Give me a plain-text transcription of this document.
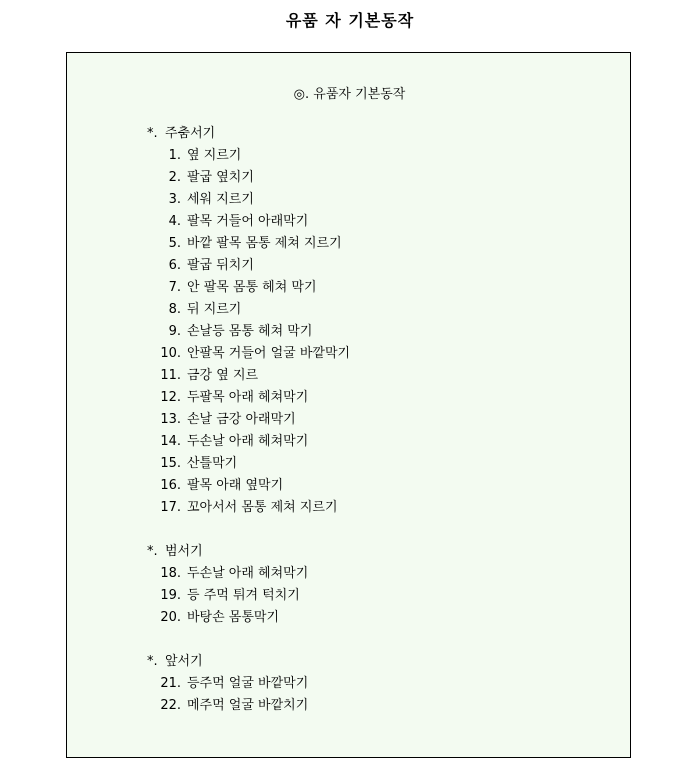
유품 자 기본동작
◎. 유품자 기본동작
*. 주춤서기
1. 옆 지르기
2. 팔굽 옆치기
3. 세워 지르기
4. 팔목 거들어 아래막기
5. 바깥 팔목 몸통 제쳐 지르기
6. 팔굽 뒤치기
7. 안 팔목 몸통 헤쳐 막기
8. 뒤 지르기
9. 손날등 몸통 헤쳐 막기
10. 안팔목 거들어 얼굴 바깥막기
11. 금강 옆 지르
12. 두팔목 아래 헤쳐막기
13. 손날 금강 아래막기
14. 두손날 아래 헤쳐막기
15. 산틀막기
16. 팔목 아래 옆막기
17. 꼬아서서 몸통 제쳐 지르기
*. 범서기
18. 두손날 아래 헤쳐막기
19. 등 주먹 튀겨 턱치기
20. 바탕손 몸통막기
*. 앞서기
21. 등주먹 얼굴 바깥막기
22. 메주먹 얼굴 바깥치기
